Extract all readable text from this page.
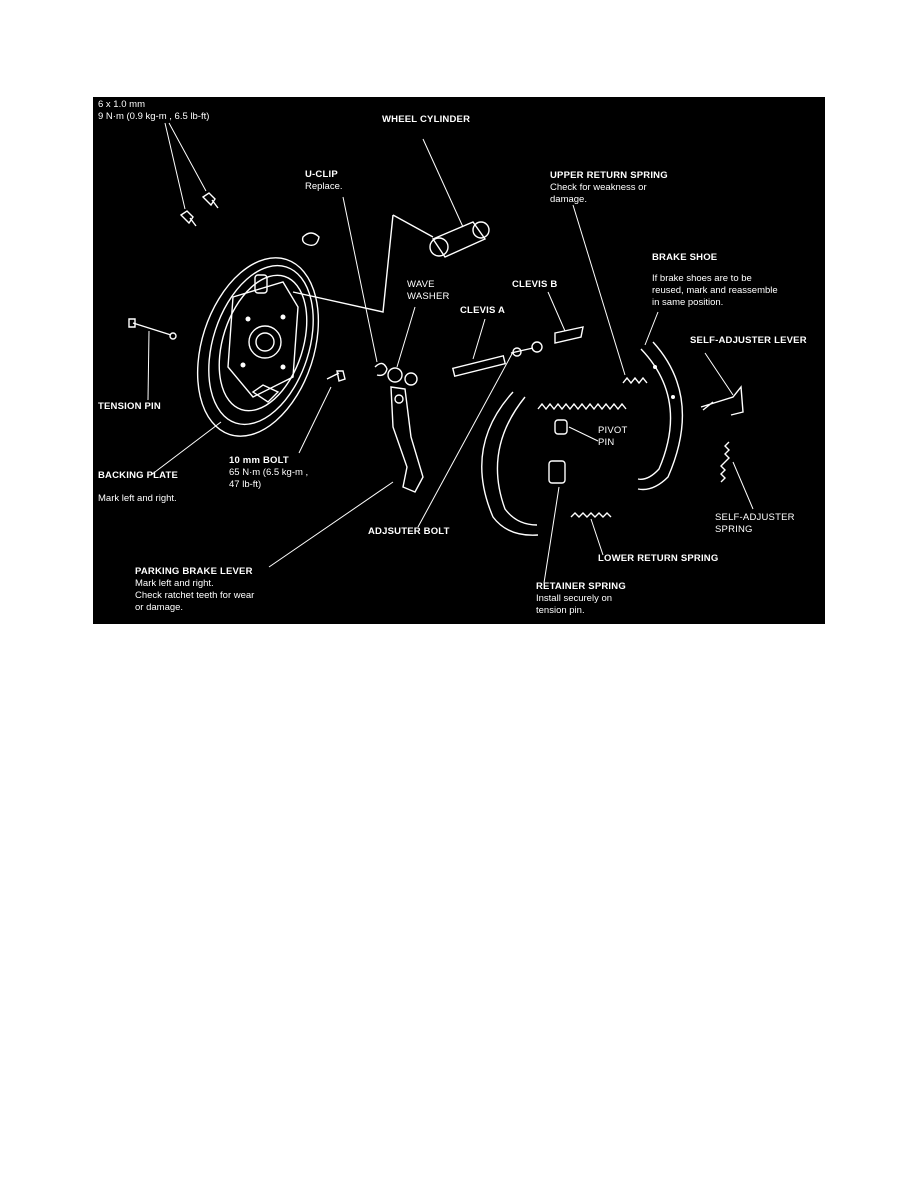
6 x 1.0 mm
9 N·m (0.9 kg-m , 6.5 lb-ft)	WHEEL CYLINDER
U-CLIP
Replace.
UPPER RETURN SPRING
Check for weakness or
damage.
BRAKE SHOE
If brake shoes are to be
reused, mark and reassemble
in same position.
WAVE
WASHER
CLEVIS B
CLEVIS A
SELF-ADJUSTER LEVER
TENSION PIN
PIVOT
PIN
10 mm BOLT
65 N·m (6.5 kg-m ,
47 lb-ft)
BACKING PLATE
Mark left and right.
SELF-ADJUSTER
SPRING
ADJSUTER BOLT
LOWER RETURN SPRING
PARKING BRAKE LEVER
Mark left and right.
Check ratchet teeth for wear
or damage.
RETAINER SPRING
Install securely on
tension pin.
